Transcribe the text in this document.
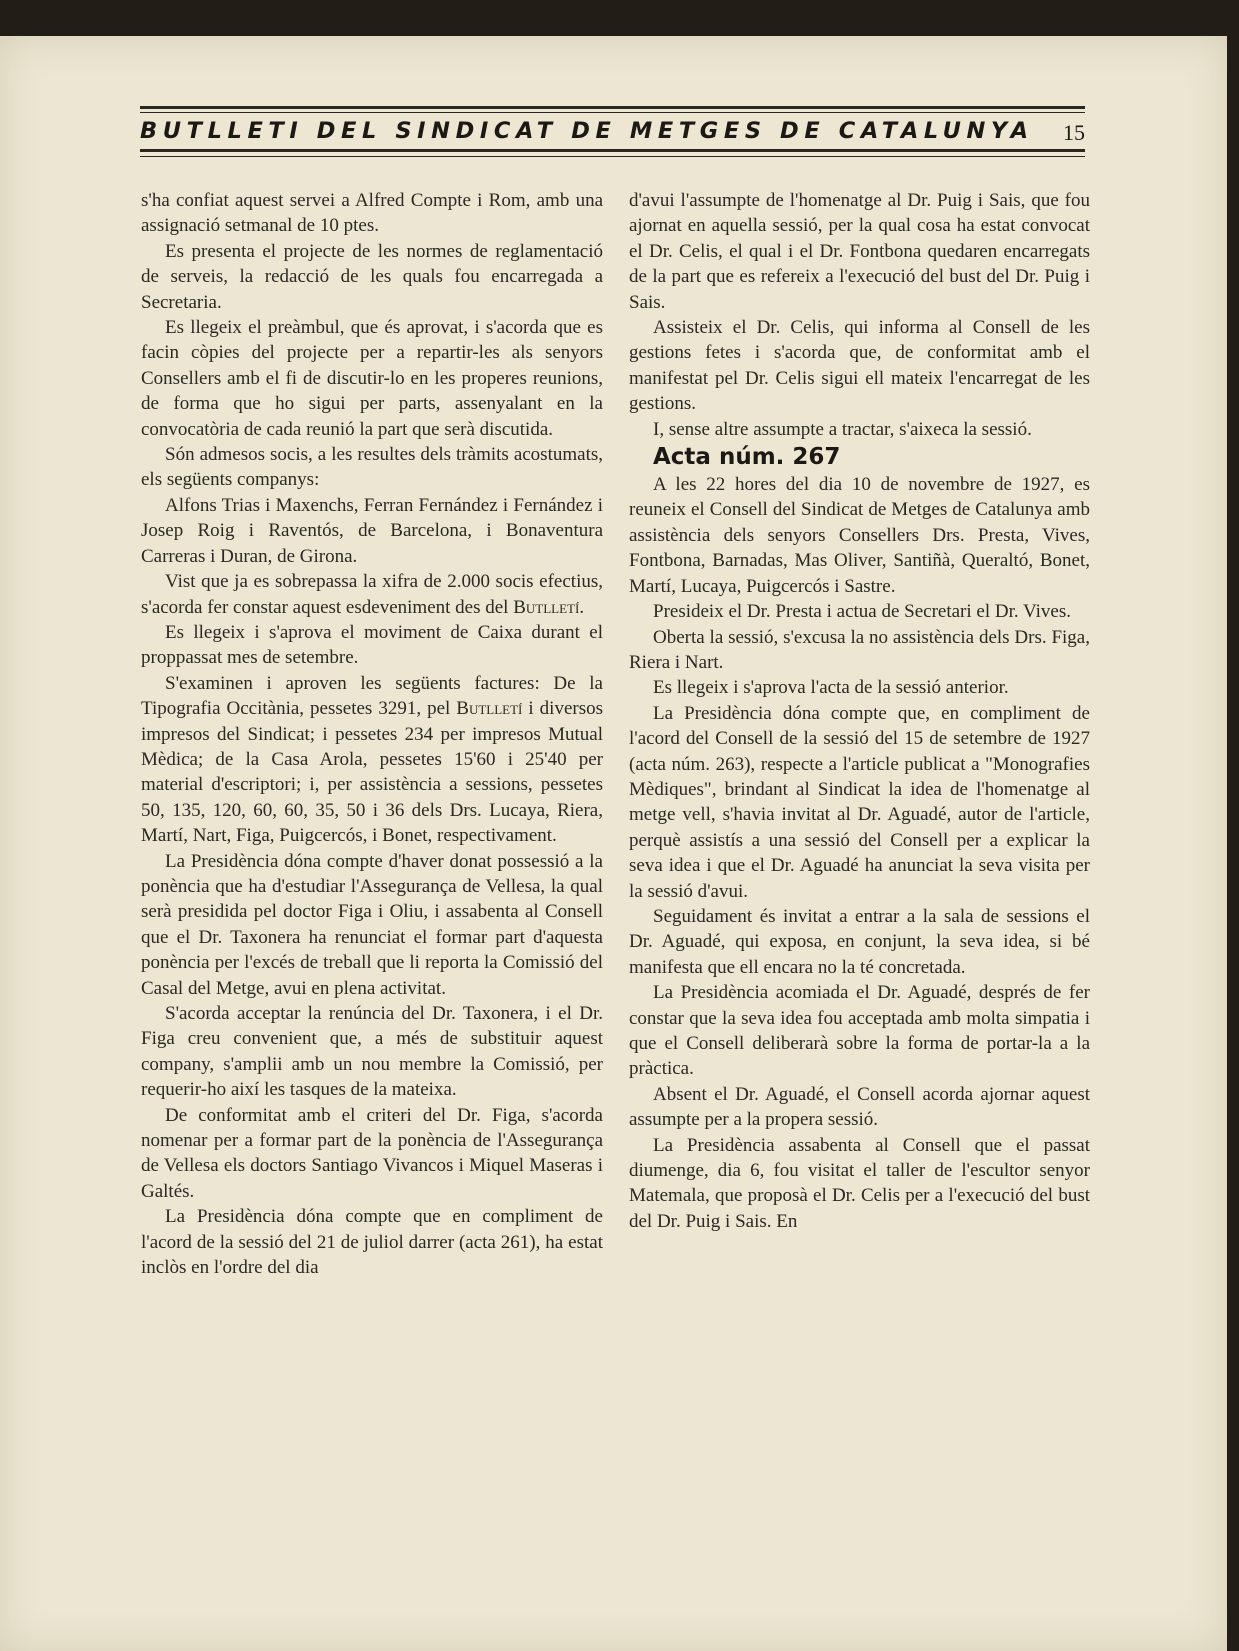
BUTLLETI DEL SINDICAT DE METGES DE CATALUNYA 15

s'ha confiat aquest servei a Alfred Compte i Rom, amb una assignació setmanal de 10 ptes.

Es presenta el projecte de les normes de reglamentació de serveis, la redacció de les quals fou encarregada a Secretaria.

Es llegeix el preàmbul, que és aprovat, i s'acorda que es facin còpies del projecte per a repartir-les als senyors Consellers amb el fi de discutir-lo en les properes reunions, de forma que ho sigui per parts, assenyalant en la convocatòria de cada reunió la part que serà discutida.

Són admesos socis, a les resultes dels tràmits acostumats, els següents companys:

Alfons Trias i Maxenchs, Ferran Fernández i Fernández i Josep Roig i Raventós, de Barcelona, i Bonaventura Carreras i Duran, de Girona.

Vist que ja es sobrepassa la xifra de 2.000 socis efectius, s'acorda fer constar aquest esdeveniment des del Butlletí.

Es llegeix i s'aprova el moviment de Caixa durant el proppassat mes de setembre.

S'examinen i aproven les següents factures: De la Tipografia Occitània, pessetes 3291, pel Butlletí i diversos impresos del Sindicat; i pessetes 234 per impresos Mutual Mèdica; de la Casa Arola, pessetes 15'60 i 25'40 per material d'escriptori; i, per assistència a sessions, pessetes 50, 135, 120, 60, 60, 35, 50 i 36 dels Drs. Lucaya, Riera, Martí, Nart, Figa, Puigcercós, i Bonet, respectivament.

La Presidència dóna compte d'haver donat possessió a la ponència que ha d'estudiar l'Assegurança de Vellesa, la qual serà presidida pel doctor Figa i Oliu, i assabenta al Consell que el Dr. Taxonera ha renunciat el formar part d'aquesta ponència per l'excés de treball que li reporta la Comissió del Casal del Metge, avui en plena activitat.

S'acorda acceptar la renúncia del Dr. Taxonera, i el Dr. Figa creu convenient que, a més de substituir aquest company, s'amplii amb un nou membre la Comissió, per requerir-ho així les tasques de la mateixa.

De conformitat amb el criteri del Dr. Figa, s'acorda nomenar per a formar part de la ponència de l'Assegurança de Vellesa els doctors Santiago Vivancos i Miquel Maseras i Galtés.

La Presidència dóna compte que en compliment de l'acord de la sessió del 21 de juliol darrer (acta 261), ha estat inclòs en l'ordre del dia

d'avui l'assumpte de l'homenatge al Dr. Puig i Sais, que fou ajornat en aquella sessió, per la qual cosa ha estat convocat el Dr. Celis, el qual i el Dr. Fontbona quedaren encarregats de la part que es refereix a l'execució del bust del Dr. Puig i Sais.

Assisteix el Dr. Celis, qui informa al Consell de les gestions fetes i s'acorda que, de conformitat amb el manifestat pel Dr. Celis sigui ell mateix l'encarregat de les gestions.

I, sense altre assumpte a tractar, s'aixeca la sessió.

Acta núm. 267

A les 22 hores del dia 10 de novembre de 1927, es reuneix el Consell del Sindicat de Metges de Catalunya amb assistència dels senyors Consellers Drs. Presta, Vives, Fontbona, Barnadas, Mas Oliver, Santiñà, Queraltó, Bonet, Martí, Lucaya, Puigcercós i Sastre.

Presideix el Dr. Presta i actua de Secretari el Dr. Vives.

Oberta la sessió, s'excusa la no assistència dels Drs. Figa, Riera i Nart.

Es llegeix i s'aprova l'acta de la sessió anterior.

La Presidència dóna compte que, en compliment de l'acord del Consell de la sessió del 15 de setembre de 1927 (acta núm. 263), respecte a l'article publicat a "Monografies Mèdiques", brindant al Sindicat la idea de l'homenatge al metge vell, s'havia invitat al Dr. Aguadé, autor de l'article, perquè assistís a una sessió del Consell per a explicar la seva idea i que el Dr. Aguadé ha anunciat la seva visita per la sessió d'avui.

Seguidament és invitat a entrar a la sala de sessions el Dr. Aguadé, qui exposa, en conjunt, la seva idea, si bé manifesta que ell encara no la té concretada.

La Presidència acomiada el Dr. Aguadé, després de fer constar que la seva idea fou acceptada amb molta simpatia i que el Consell deliberarà sobre la forma de portar-la a la pràctica.

Absent el Dr. Aguadé, el Consell acorda ajornar aquest assumpte per a la propera sessió.

La Presidència assabenta al Consell que el passat diumenge, dia 6, fou visitat el taller de l'escultor senyor Matemala, que proposà el Dr. Celis per a l'execució del bust del Dr. Puig i Sais. En
